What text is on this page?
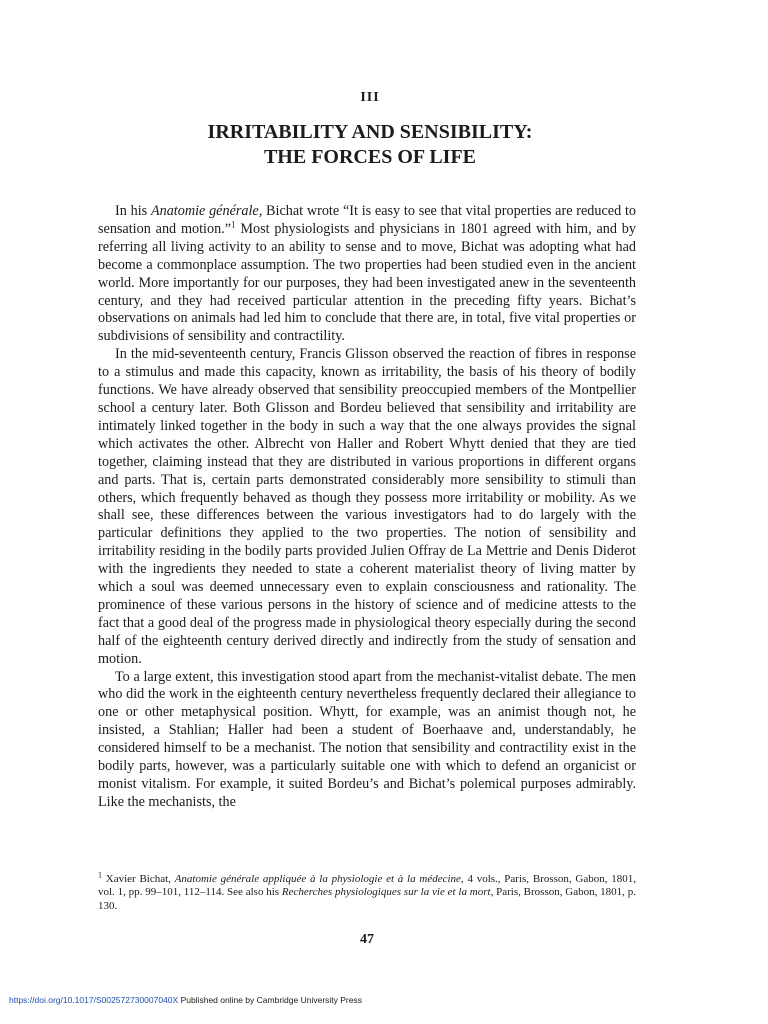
III
IRRITABILITY AND SENSIBILITY:
THE FORCES OF LIFE

In his Anatomie générale, Bichat wrote “It is easy to see that vital properties are reduced to sensation and motion.”$^1$ Most physiologists and physicians in 1801 agreed with him, and by referring all living activity to an ability to sense and to move, Bichat was adopting what had become a commonplace assumption. The two properties had been studied even in the ancient world. More importantly for our purposes, they had been investigated anew in the seventeenth century, and they had received particular attention in the preceding fifty years. Bichat’s observations on animals had led him to conclude that there are, in total, five vital properties or subdivisions of sensibility and contractility.

In the mid-seventeenth century, Francis Glisson observed the reaction of fibres in response to a stimulus and made this capacity, known as irritability, the basis of his theory of bodily functions. We have already observed that sensibility preoccupied members of the Montpellier school a century later. Both Glisson and Bordeu believed that sensibility and irritability are intimately linked together in the body in such a way that the one always provides the signal which activates the other. Albrecht von Haller and Robert Whytt denied that they are tied together, claiming instead that they are distributed in various proportions in different organs and parts. That is, certain parts demonstrated considerably more sensibility to stimuli than others, which frequently behaved as though they possess more irritability or mobility. As we shall see, these differences between the various investigators had to do largely with the particular definitions they applied to the two properties. The notion of sensibility and irritability residing in the bodily parts provided Julien Offray de La Mettrie and Denis Diderot with the ingredients they needed to state a coherent materialist theory of living matter by which a soul was deemed unnecessary even to explain consciousness and rationality. The prominence of these various persons in the history of science and of medicine attests to the fact that a good deal of the progress made in physiological theory especially during the second half of the eighteenth century derived directly and indirectly from the study of sensation and motion.

To a large extent, this investigation stood apart from the mechanist-vitalist debate. The men who did the work in the eighteenth century nevertheless frequently declared their allegiance to one or other metaphysical position. Whytt, for example, was an animist though not, he insisted, a Stahlian; Haller had been a student of Boerhaave and, understandably, he considered himself to be a mechanist. The notion that sensibility and contractility exist in the bodily parts, however, was a particularly suitable one with which to defend an organicist or monist vitalism. For example, it suited Bordeu’s and Bichat’s polemical purposes admirably. Like the mechanists, the

$^1$ Xavier Bichat, Anatomie générale appliquée à la physiologie et à la médecine, 4 vols., Paris, Brosson, Gabon, 1801, vol. 1, pp. 99–101, 112–114. See also his Recherches physiologiques sur la vie et la mort, Paris, Brosson, Gabon, 1801, p. 130.
47
https://doi.org/10.1017/S002572730007040X Published online by Cambridge University Press
